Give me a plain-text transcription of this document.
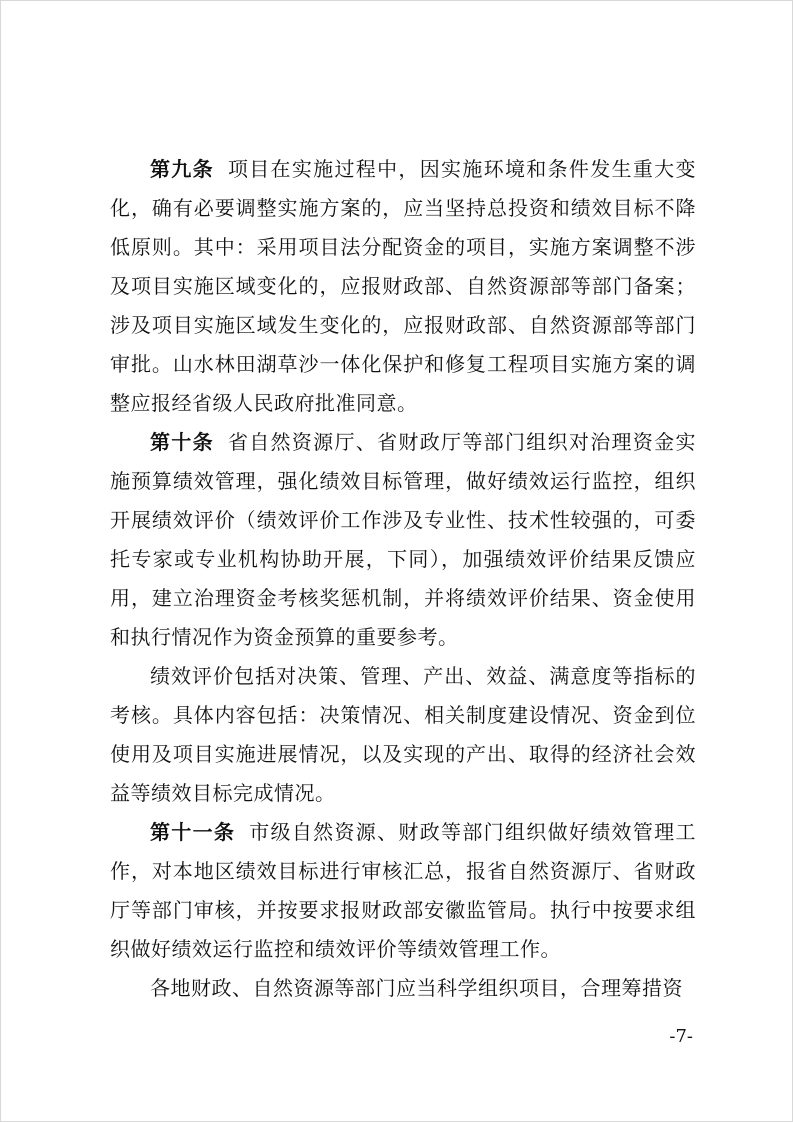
第九条 项目在实施过程中，因实施环境和条件发生重大变化，确有必要调整实施方案的，应当坚持总投资和绩效目标不降低原则。其中：采用项目法分配资金的项目，实施方案调整不涉及项目实施区域变化的，应报财政部、自然资源部等部门备案；涉及项目实施区域发生变化的，应报财政部、自然资源部等部门审批。山水林田湖草沙一体化保护和修复工程项目实施方案的调整应报经省级人民政府批准同意。

第十条 省自然资源厅、省财政厅等部门组织对治理资金实施预算绩效管理，强化绩效目标管理，做好绩效运行监控，组织开展绩效评价（绩效评价工作涉及专业性、技术性较强的，可委托专家或专业机构协助开展，下同），加强绩效评价结果反馈应用，建立治理资金考核奖惩机制，并将绩效评价结果、资金使用和执行情况作为资金预算的重要参考。

绩效评价包括对决策、管理、产出、效益、满意度等指标的考核。具体内容包括：决策情况、相关制度建设情况、资金到位使用及项目实施进展情况，以及实现的产出、取得的经济社会效益等绩效目标完成情况。

第十一条 市级自然资源、财政等部门组织做好绩效管理工作，对本地区绩效目标进行审核汇总，报省自然资源厅、省财政厅等部门审核，并按要求报财政部安徽监管局。执行中按要求组织做好绩效运行监控和绩效评价等绩效管理工作。

各地财政、自然资源等部门应当科学组织项目，合理筹措资

-7-
